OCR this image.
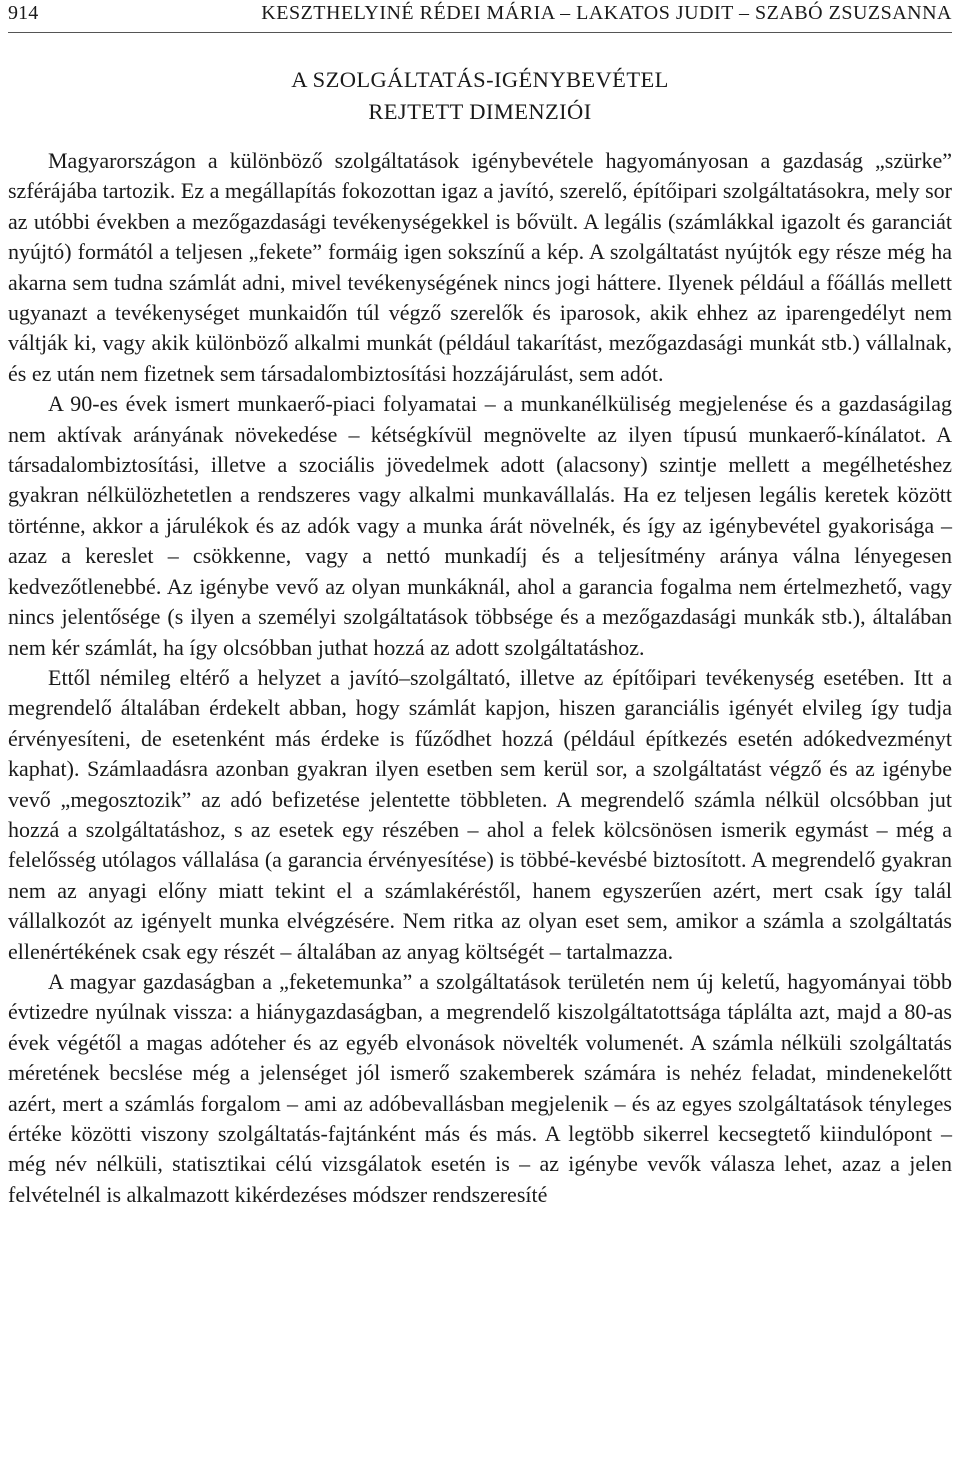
914	KESZTHELYINÉ RÉDEI MÁRIA – LAKATOS JUDIT – SZABÓ ZSUZSANNA
A SZOLGÁLTATÁS-IGÉNYBEVÉTEL
REJTETT DIMENZIÓI

Magyarországon a különböző szolgáltatások igénybevétele hagyományosan a gazdaság „szürke” szférájába tartozik. Ez a megállapítás fokozottan igaz a javító, szerelő, építőipari szolgáltatásokra, mely sor az utóbbi években a mezőgazdasági tevékenységekkel is bővült. A legális (számlákkal igazolt és garanciát nyújtó) formától a teljesen „fekete” formáig igen sokszínű a kép. A szolgáltatást nyújtók egy része még ha akarna sem tudna számlát adni, mivel tevékenységének nincs jogi háttere. Ilyenek például a főállás mellett ugyanazt a tevékenységet munkaidőn túl végző szerelők és iparosok, akik ehhez az iparengedélyt nem váltják ki, vagy akik különböző alkalmi munkát (például takarítást, mezőgazdasági munkát stb.) vállalnak, és ez után nem fizetnek sem társadalombiztosítási hozzájárulást, sem adót.

A 90-es évek ismert munkaerő-piaci folyamatai – a munkanélküliség megjelenése és a gazdaságilag nem aktívak arányának növekedése – kétségkívül megnövelte az ilyen típusú munkaerő-kínálatot. A társadalombiztosítási, illetve a szociális jövedelmek adott (alacsony) szintje mellett a megélhetéshez gyakran nélkülözhetetlen a rendszeres vagy alkalmi munkavállalás. Ha ez teljesen legális keretek között történne, akkor a járulékok és az adók vagy a munka árát növelnék, és így az igénybevétel gyakorisága – azaz a kereslet – csökkenne, vagy a nettó munkadíj és a teljesítmény aránya válna lényegesen kedvezőtlenebbé. Az igénybe vevő az olyan munkáknál, ahol a garancia fogalma nem értelmezhető, vagy nincs jelentősége (s ilyen a személyi szolgáltatások többsége és a mezőgazdasági munkák stb.), általában nem kér számlát, ha így olcsóbban juthat hozzá az adott szolgáltatáshoz.

Ettől némileg eltérő a helyzet a javító–szolgáltató, illetve az építőipari tevékenység esetében. Itt a megrendelő általában érdekelt abban, hogy számlát kapjon, hiszen garanciális igényét elvileg így tudja érvényesíteni, de esetenként más érdeke is fűződhet hozzá (például építkezés esetén adókedvezményt kaphat). Számlaadásra azonban gyakran ilyen esetben sem kerül sor, a szolgáltatást végző és az igénybe vevő „megosztozik” az adó befizetése jelentette többleten. A megrendelő számla nélkül olcsóbban jut hozzá a szolgáltatáshoz, s az esetek egy részében – ahol a felek kölcsönösen ismerik egymást – még a felelősség utólagos vállalása (a garancia érvényesítése) is többé-kevésbé biztosított. A megrendelő gyakran nem az anyagi előny miatt tekint el a számlakéréstől, hanem egyszerűen azért, mert csak így talál vállalkozót az igényelt munka elvégzésére. Nem ritka az olyan eset sem, amikor a számla a szolgáltatás ellenértékének csak egy részét – általában az anyag költségét – tartalmazza.

A magyar gazdaságban a „feketemunka” a szolgáltatások területén nem új keletű, hagyományai több évtizedre nyúlnak vissza: a hiánygazdaságban, a megrendelő kiszolgáltatottsága táplálta azt, majd a 80-as évek végétől a magas adóteher és az egyéb elvonások növelték volumenét. A számla nélküli szolgáltatás méretének becslése még a jelenséget jól ismerő szakemberek számára is nehéz feladat, mindenekelőtt azért, mert a számlás forgalom – ami az adóbevallásban megjelenik – és az egyes szolgáltatások tényleges értéke közötti viszony szolgáltatás-fajtánként más és más. A legtöbb sikerrel kecsegtető kiindulópont – még név nélküli, statisztikai célú vizsgálatok esetén is – az igénybe vevők válasza lehet, azaz a jelen felvételnél is alkalmazott kikérdezéses módszer rendszeresíté
